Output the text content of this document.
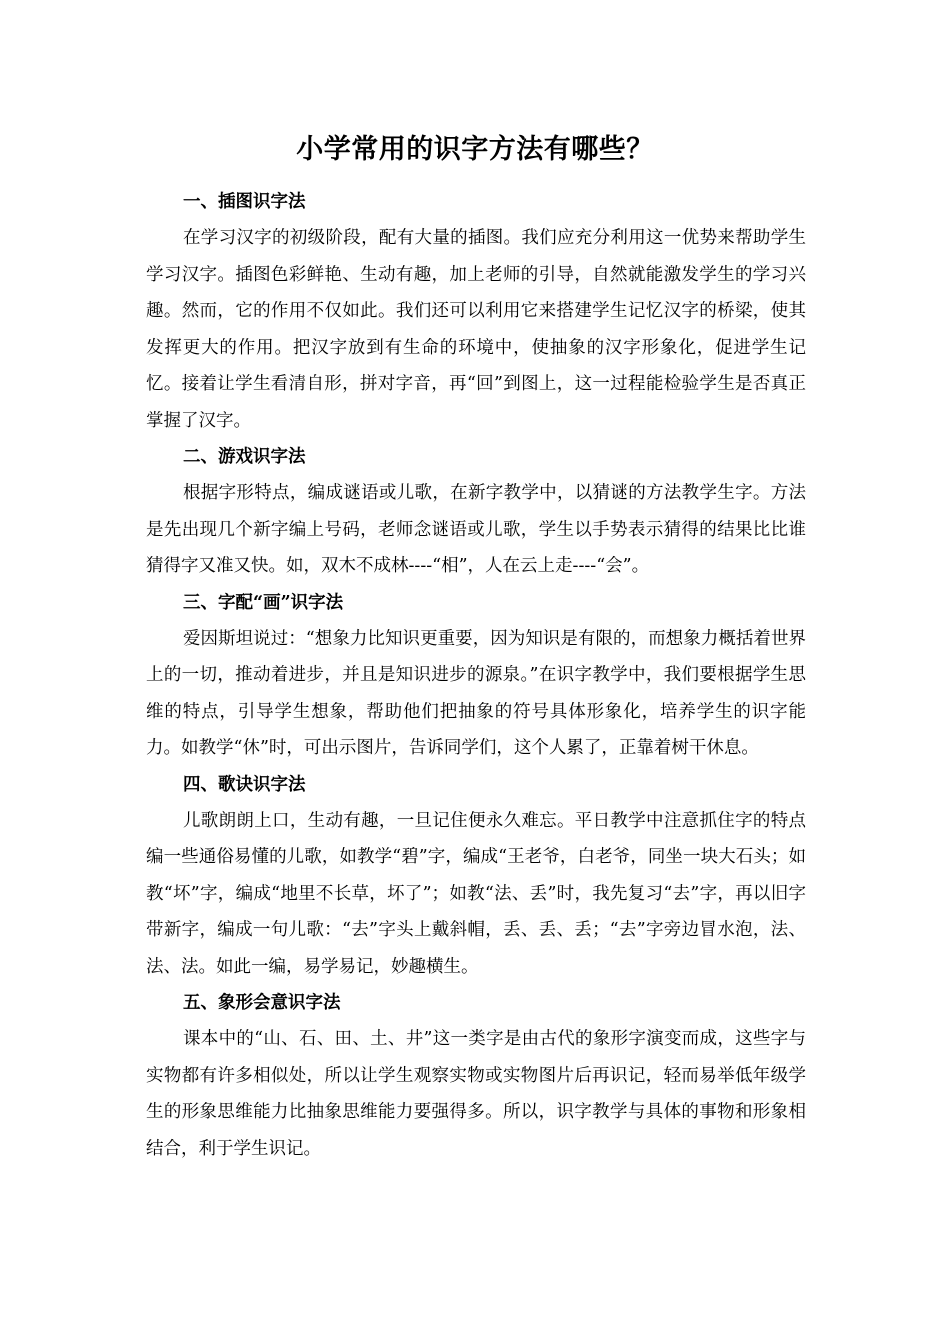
小学常用的识字方法有哪些？

一、插图识字法

在学习汉字的初级阶段，配有大量的插图。我们应充分利用这一优势来帮助学生学习汉字。插图色彩鲜艳、生动有趣，加上老师的引导，自然就能激发学生的学习兴趣。然而，它的作用不仅如此。我们还可以利用它来搭建学生记忆汉字的桥梁，使其发挥更大的作用。把汉字放到有生命的环境中，使抽象的汉字形象化，促进学生记忆。接着让学生看清自形，拼对字音，再“回”到图上，这一过程能检验学生是否真正掌握了汉字。

二、游戏识字法

根据字形特点，编成谜语或儿歌，在新字教学中，以猜谜的方法教学生字。方法是先出现几个新字编上号码，老师念谜语或儿歌，学生以手势表示猜得的结果比比谁猜得字又准又快。如，双木不成林----“相”，人在云上走----“会”。

三、字配“画”识字法

爱因斯坦说过：“想象力比知识更重要，因为知识是有限的，而想象力概括着世界上的一切，推动着进步，并且是知识进步的源泉。”在识字教学中，我们要根据学生思维的特点，引导学生想象，帮助他们把抽象的符号具体形象化，培养学生的识字能力。如教学“休”时，可出示图片，告诉同学们，这个人累了，正靠着树干休息。

四、歌诀识字法

儿歌朗朗上口，生动有趣，一旦记住便永久难忘。平日教学中注意抓住字的特点编一些通俗易懂的儿歌，如教学“碧”字，编成“王老爷，白老爷，同坐一块大石头；如教“坏”字，编成“地里不长草，坏了”；如教“法、丢”时，我先复习“去”字，再以旧字带新字，编成一句儿歌：“去”字头上戴斜帽，丢、丢、丢；“去”字旁边冒水泡，法、法、法。如此一编，易学易记，妙趣横生。

五、象形会意识字法

课本中的“山、石、田、土、井”这一类字是由古代的象形字演变而成，这些字与实物都有许多相似处，所以让学生观察实物或实物图片后再识记，轻而易举低年级学生的形象思维能力比抽象思维能力要强得多。所以，识字教学与具体的事物和形象相结合，利于学生识记。
